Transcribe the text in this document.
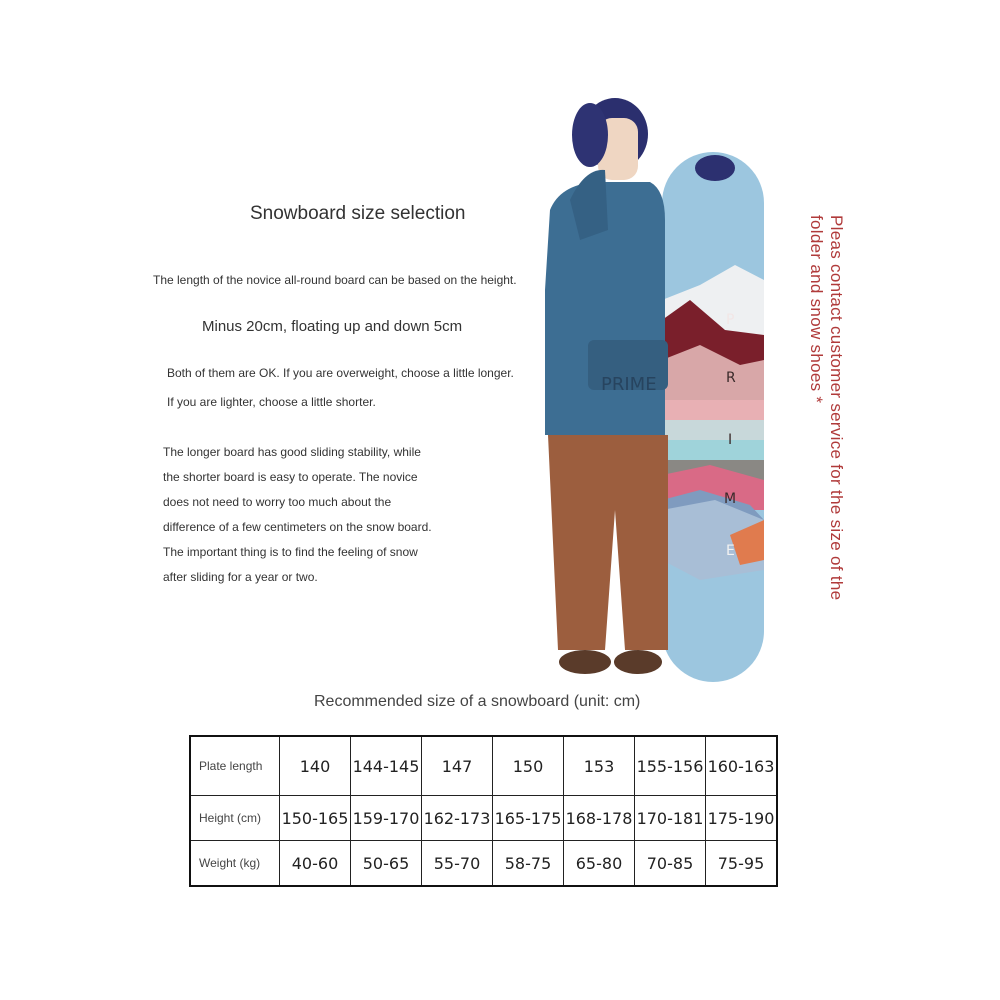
Snowboard size selection
The length of the novice all-round board can be based on the height.
Minus 20cm, floating up and down 5cm
Both of them are OK. If you are overweight, choose a little longer.
If you are lighter, choose a little shorter.
The longer board has good sliding stability, while
the shorter board is easy to operate. The novice
does not need to worry too much about the
difference of a few centimeters on the snow board.
The important thing is to find the feeling of snow
after sliding for a year or two.
P
R
I
M
E
PRIME	Pleas contact customer service for the size of the
folder and snow shoes *
Recommended size of a snowboard (unit: cm)
Plate length	140	144-145	147	150	153	155-156	160-163
Height (cm)	150-165	159-170	162-173	165-175	168-178	170-181	175-190
Weight (kg)	40-60	50-65	55-70	58-75	65-80	70-85	75-95
